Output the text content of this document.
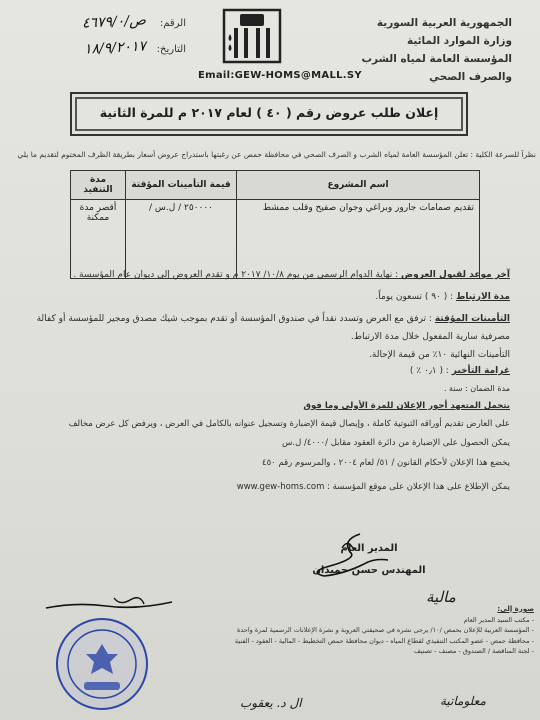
الجمهورية العربية السورية
وزارة الموارد المائية
المؤسسة العامة لمياه الشرب والصرف الصحي
الرقم:
ص/٤٦٧٩/٠
التاريخ:
١٨/٩/٢٠١٧
Email:GEW-HOMS@MALL.SY
إعلان طلب عروض رقم ( ٤٠ ) لعام ٢٠١٧ م للمرة الثانية
نظراً للسرعة الكلية : تعلن المؤسسة العامة لمياه الشرب و الصرف الصحي في محافظة حمص عن رغبتها باستدراج عروض أسعار بطريقة الظرف المختوم لتقديم ما يلي
اسم المشروع	قيمة التأمينات المؤقتة	مدة التنفيذ
تقديم صمامات جارور وبراغي وجوان صفيح وقلب ممشط	٢٥٠٠٠٠ / ل.س /	أقصر مدة ممكنة
آخر موعد لقبول العروض : نهاية الدوام الرسمي من يوم ١٠/٨/ ٢٠١٧ م و تقدم العروض إلى ديوان عام المؤسسة .
مدة الارتباط : ( ٩٠ ) تسعون يوماً.
التأمينات المؤقتة : ترفق مع العرض وتسدد نقداً في صندوق المؤسسة أو تقدم بموجب شيك مصدق ومجير للمؤسسة أو كفالة
مصرفية سارية المفعول خلال مدة الارتباط.
التأمينات النهائية ١٠٪ من قيمة الإحالة.
غرامة التأخير : ( ٠٫١ ٪ )
مدة الضمان : سنة .
يتحمل المتعهد أجور الإعلان للمرة الأولى وما فوق
على العارض تقديم أوراقه الثبوتية كاملة ، وإيصال قيمة الإضبارة وتسجيل عنوانه بالكامل في العرض ، ويرفض كل عرض مخالف
يمكن الحصول على الإضبارة من دائرة العقود مقابل /٤٠٠٠/ ل.س
يخضع هذا الإعلان لأحكام القانون / ٥١/ لعام ٢٠٠٤ ، والمرسوم رقم ٤٥٠
يمكن الإطلاع على هذا الإعلان على موقع المؤسسة : www.gew-homs.com
المدير العام
المهندس حسن حميدان
مالية
معلوماتية
ال د. يعقوب
صورة إلى:
- مكتب السيد المدير العام
- المؤسسة العربية للإعلان بحمص /١٠/ يرجى نشره في صحيفتي العروبة و نشرة الإعلانات الرسمية لمرة واحدة
- محافظة حمص - عضو المكتب التنفيذي لقطاع المياه - ديوان محافظة حمص التخطيط - المالية - العقود - الفنية
- لجنة المناقصة / الصندوق - مصنف - تصنيف
